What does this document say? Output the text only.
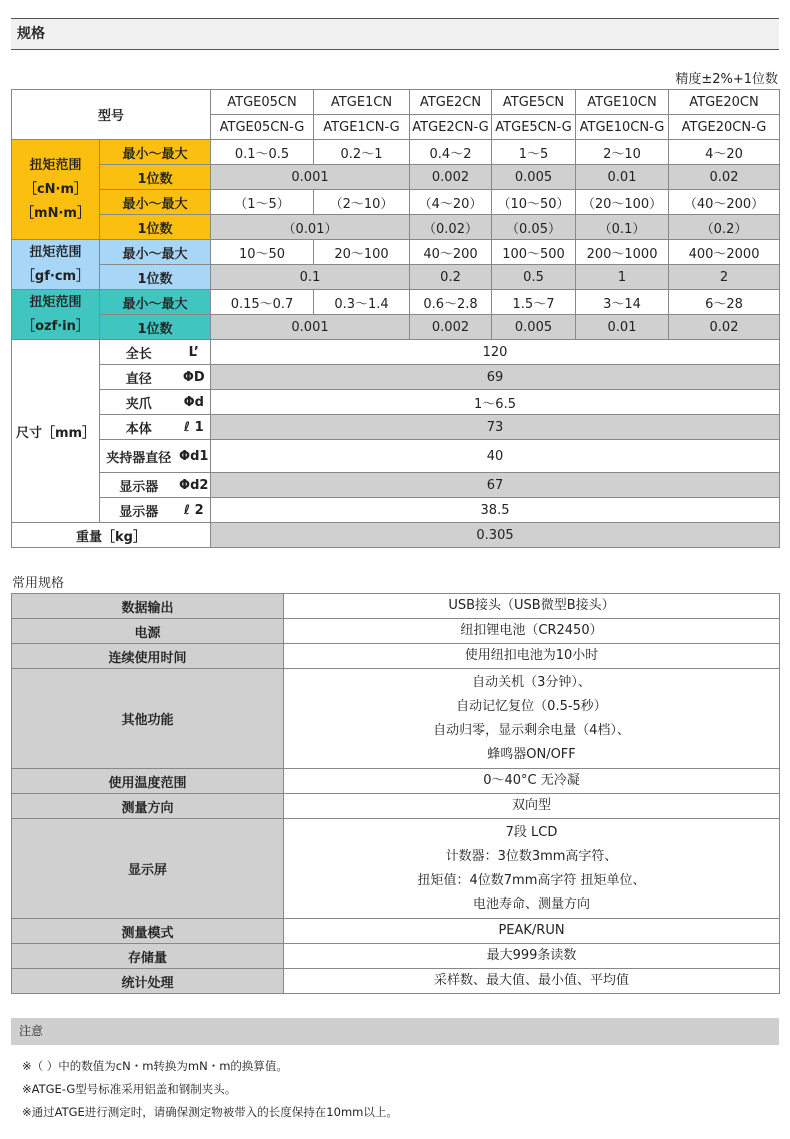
规格
精度±2%+1位数
型号			ATGE05CN	ATGE1CN	ATGE2CN	ATGE5CN	ATGE10CN	ATGE20CN
			ATGE05CN-G	ATGE1CN-G	ATGE2CN-G	ATGE5CN-G	ATGE10CN-G	ATGE20CN-G

扭矩范围
［cN·m］
［mN·m］	最小～最大		0.1～0.5	0.2～1	0.4～2	1～5	2～10	4～20
	1位数		0.001		0.002	0.005	0.01	0.02
	最小～最大		（1～5）	（2～10）	（4～20）	（10～50）	（20～100）	（40～200）
	1位数		（0.01）		（0.02）	（0.05）	（0.1）	（0.2）

扭矩范围
［gf·cm］	最小～最大		10～50	20～100	40～200	100～500	200～1000	400～2000
	1位数		0.1		0.2	0.5	1	2

扭矩范围
［ozf·in］	最小～最大		0.15～0.7	0.3～1.4	0.6～2.8	1.5～7	3～14	6～28
	1位数		0.001		0.002	0.005	0.01	0.02
尺寸［mm］	全长	L’	120					
	直径	ΦD	69					
	夹爪	Φd	1～6.5					
	本体	ℓ 1	73					
	夹持器直径	Φd1	40					
	显示器	Φd2	67					
	显示器	ℓ 2	38.5					
重量［kg］			0.305					
常用规格
数据输出	USB接头（USB微型B接头）

电源	纽扣锂电池（CR2450）

连续使用时间	使用纽扣电池为10小时

其他功能	自动关机（3分钟）、
自动记忆复位（0.5-5秒）
自动归零，显示剩余电量（4档）、
蜂鸣器ON/OFF

使用温度范围	0～40°C 无冷凝

测量方向	双向型

显示屏	7段 LCD
计数器：3位数3mm高字符、
扭矩值：4位数7mm高字符 扭矩单位、
电池寿命、测量方向

测量模式	PEAK/RUN

存储量	最大999条读数

统计处理	采样数、最大值、最小值、平均值
注意
※（ ）中的数值为cN・m转换为mN・m的换算值。
※ATGE-G型号标准采用铝盖和钢制夹头。
※通过ATGE进行测定时，请确保测定物被带入的长度保持在10mm以上。
